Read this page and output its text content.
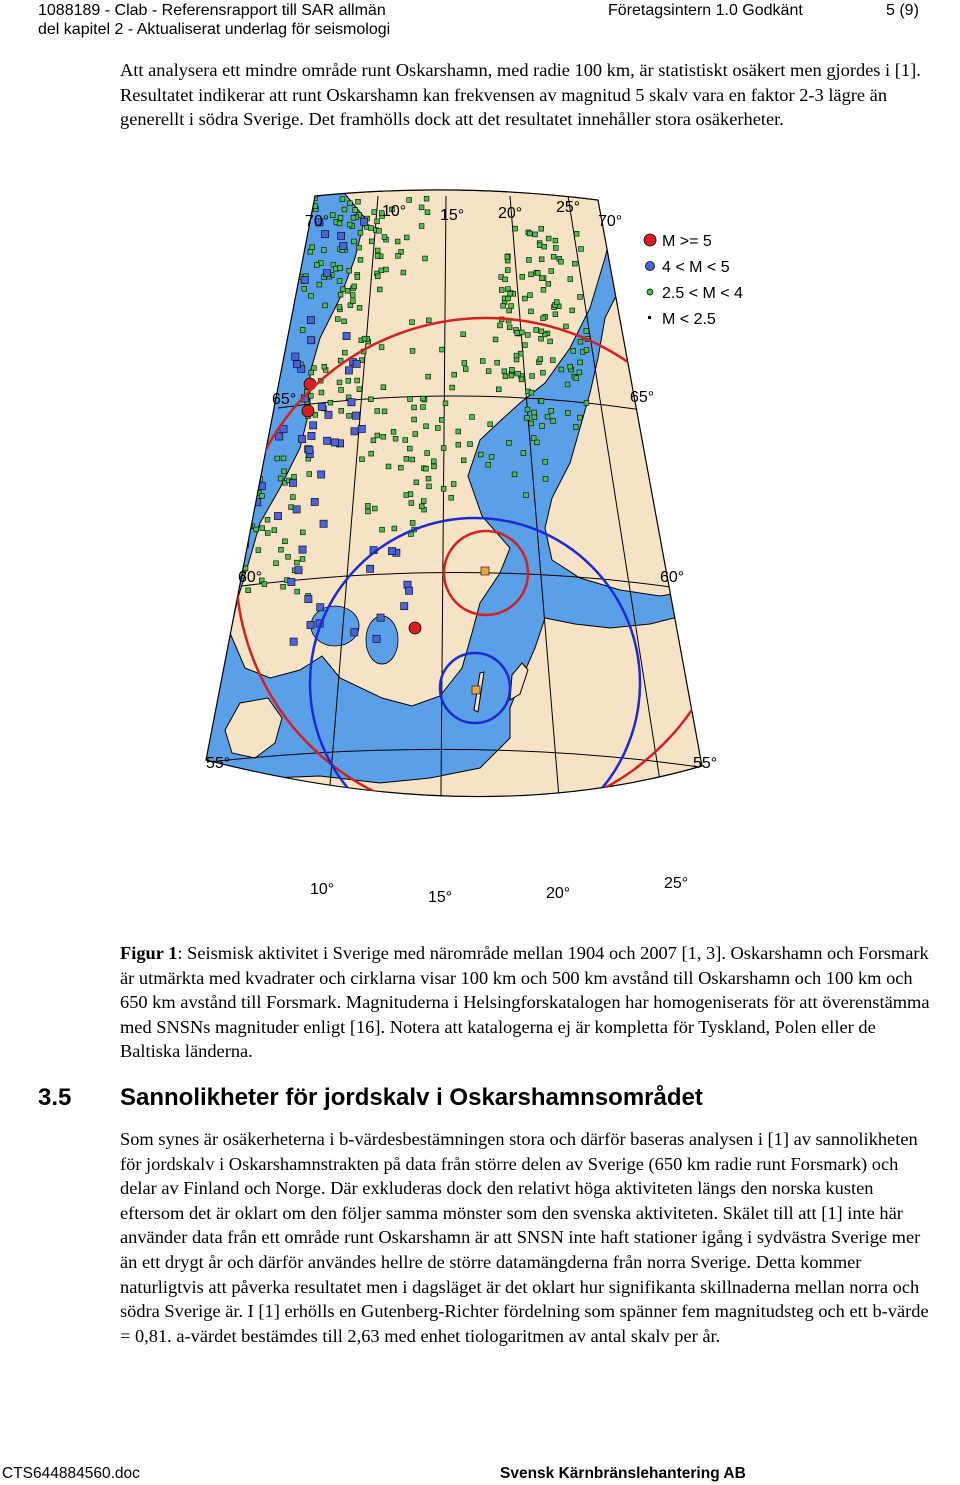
1088189 - Clab - Referensrapport till SAR allmän
del kapitel 2 - Aktualiserat underlag för seismologi
Företagsintern 1.0 Godkänt	5 (9)

Att analysera ett mindre område runt Oskarshamn, med radie 100 km, är statistiskt osäkert men gjordes i [1]. Resultatet indikerar att runt Oskarshamn kan frekvensen av magnitud 5 skalv vara en faktor 2-3 lägre än generellt i södra Sverige. Det framhölls dock att det resultatet innehåller stora osäkerheter.

70°
65°
60°
55°
70°
65°
60°
55°
10° 15° 20° 25°
10°	15°	20°
25°
M >= 5
4 < M < 5
2.5 < M < 4
M < 2.5

Figur 1: Seismisk aktivitet i Sverige med närområde mellan 1904 och 2007 [1, 3]. Oskarshamn och Forsmark är utmärkta med kvadrater och cirklarna visar 100 km och 500 km avstånd till Oskarshamn och 100 km och 650 km avstånd till Forsmark. Magnituderna i Helsingforskatalogen har homogeniserats för att överenstämma med SNSNs magnituder enligt [16]. Notera att katalogerna ej är kompletta för Tyskland, Polen eller de Baltiska länderna.

3.5 Sannolikheter för jordskalv i Oskarshamnsområdet

Som synes är osäkerheterna i b-värdesbestämningen stora och därför baseras analysen i [1] av sannolikheten för jordskalv i Oskarshamnstrakten på data från större delen av Sverige (650 km radie runt Forsmark) och delar av Finland och Norge. Där exkluderas dock den relativt höga aktiviteten längs den norska kusten eftersom det är oklart om den följer samma mönster som den svenska aktiviteten. Skälet till att [1] inte här använder data från ett område runt Oskarshamn är att SNSN inte haft stationer igång i sydvästra Sverige mer än ett drygt år och därför användes hellre de större datamängderna från norra Sverige. Detta kommer naturligtvis att påverka resultatet men i dagsläget är det oklart hur signifikanta skillnaderna mellan norra och södra Sverige är. I [1] erhölls en Gutenberg-Richter fördelning som spänner fem magnitudsteg och ett b-värde = 0,81. a-värdet bestämdes till 2,63 med enhet tiologaritmen av antal skalv per år.

CTS644884560.doc	Svensk Kärnbränslehantering AB
